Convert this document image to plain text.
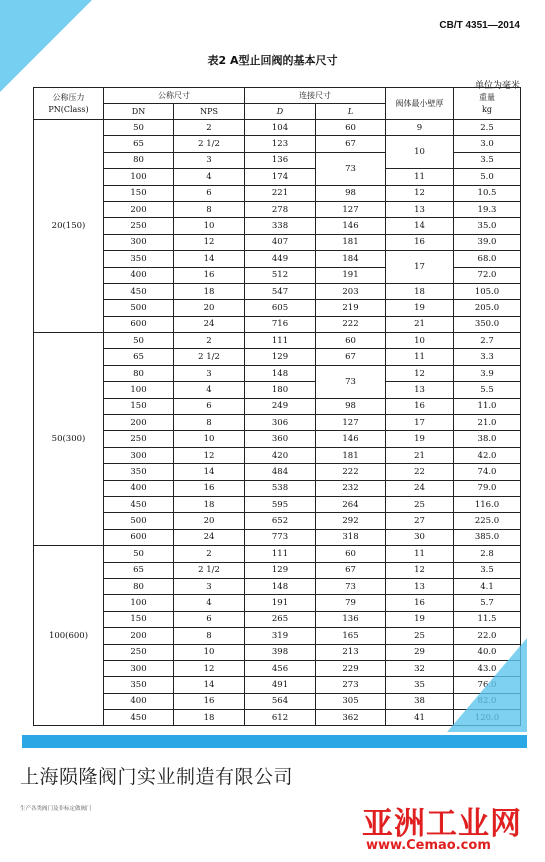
CB/T 4351—2014
表2 A型止回阀的基本尺寸
单位为毫米
公称压力
PN(Class)	公称尺寸		连接尺寸		阀体最小壁厚	重量
kg
	DN	NPS	D	L		
20(150)	50	2	104	60	9	2.5
	65	2 1/2	123	67	10	3.0
	80	3	136	73		3.5
	100	4	174		11	5.0
	150	6	221	98	12	10.5
	200	8	278	127	13	19.3
	250	10	338	146	14	35.0
	300	12	407	181	16	39.0
	350	14	449	184	17	68.0
	400	16	512	191		72.0
	450	18	547	203	18	105.0
	500	20	605	219	19	205.0
	600	24	716	222	21	350.0
50(300)	50	2	111	60	10	2.7
	65	2 1/2	129	67	11	3.3
	80	3	148	73	12	3.9
	100	4	180		13	5.5
	150	6	249	98	16	11.0
	200	8	306	127	17	21.0
	250	10	360	146	19	38.0
	300	12	420	181	21	42.0
	350	14	484	222	22	74.0
	400	16	538	232	24	79.0
	450	18	595	264	25	116.0
	500	20	652	292	27	225.0
	600	24	773	318	30	385.0
100(600)	50	2	111	60	11	2.8
	65	2 1/2	129	67	12	3.5
	80	3	148	73	13	4.1
	100	4	191	79	16	5.7
	150	6	265	136	19	11.5
	200	8	319	165	25	22.0
	250	10	398	213	29	40.0
	300	12	456	229	32	43.0
	350	14	491	273	35	76.0
	400	16	564	305	38	82.0
	450	18	612	362	41	120.0
上海陨隆阀门实业制造有限公司
生产各类阀门及非标定做阀门	亚洲工业网
www.Cemao.com
